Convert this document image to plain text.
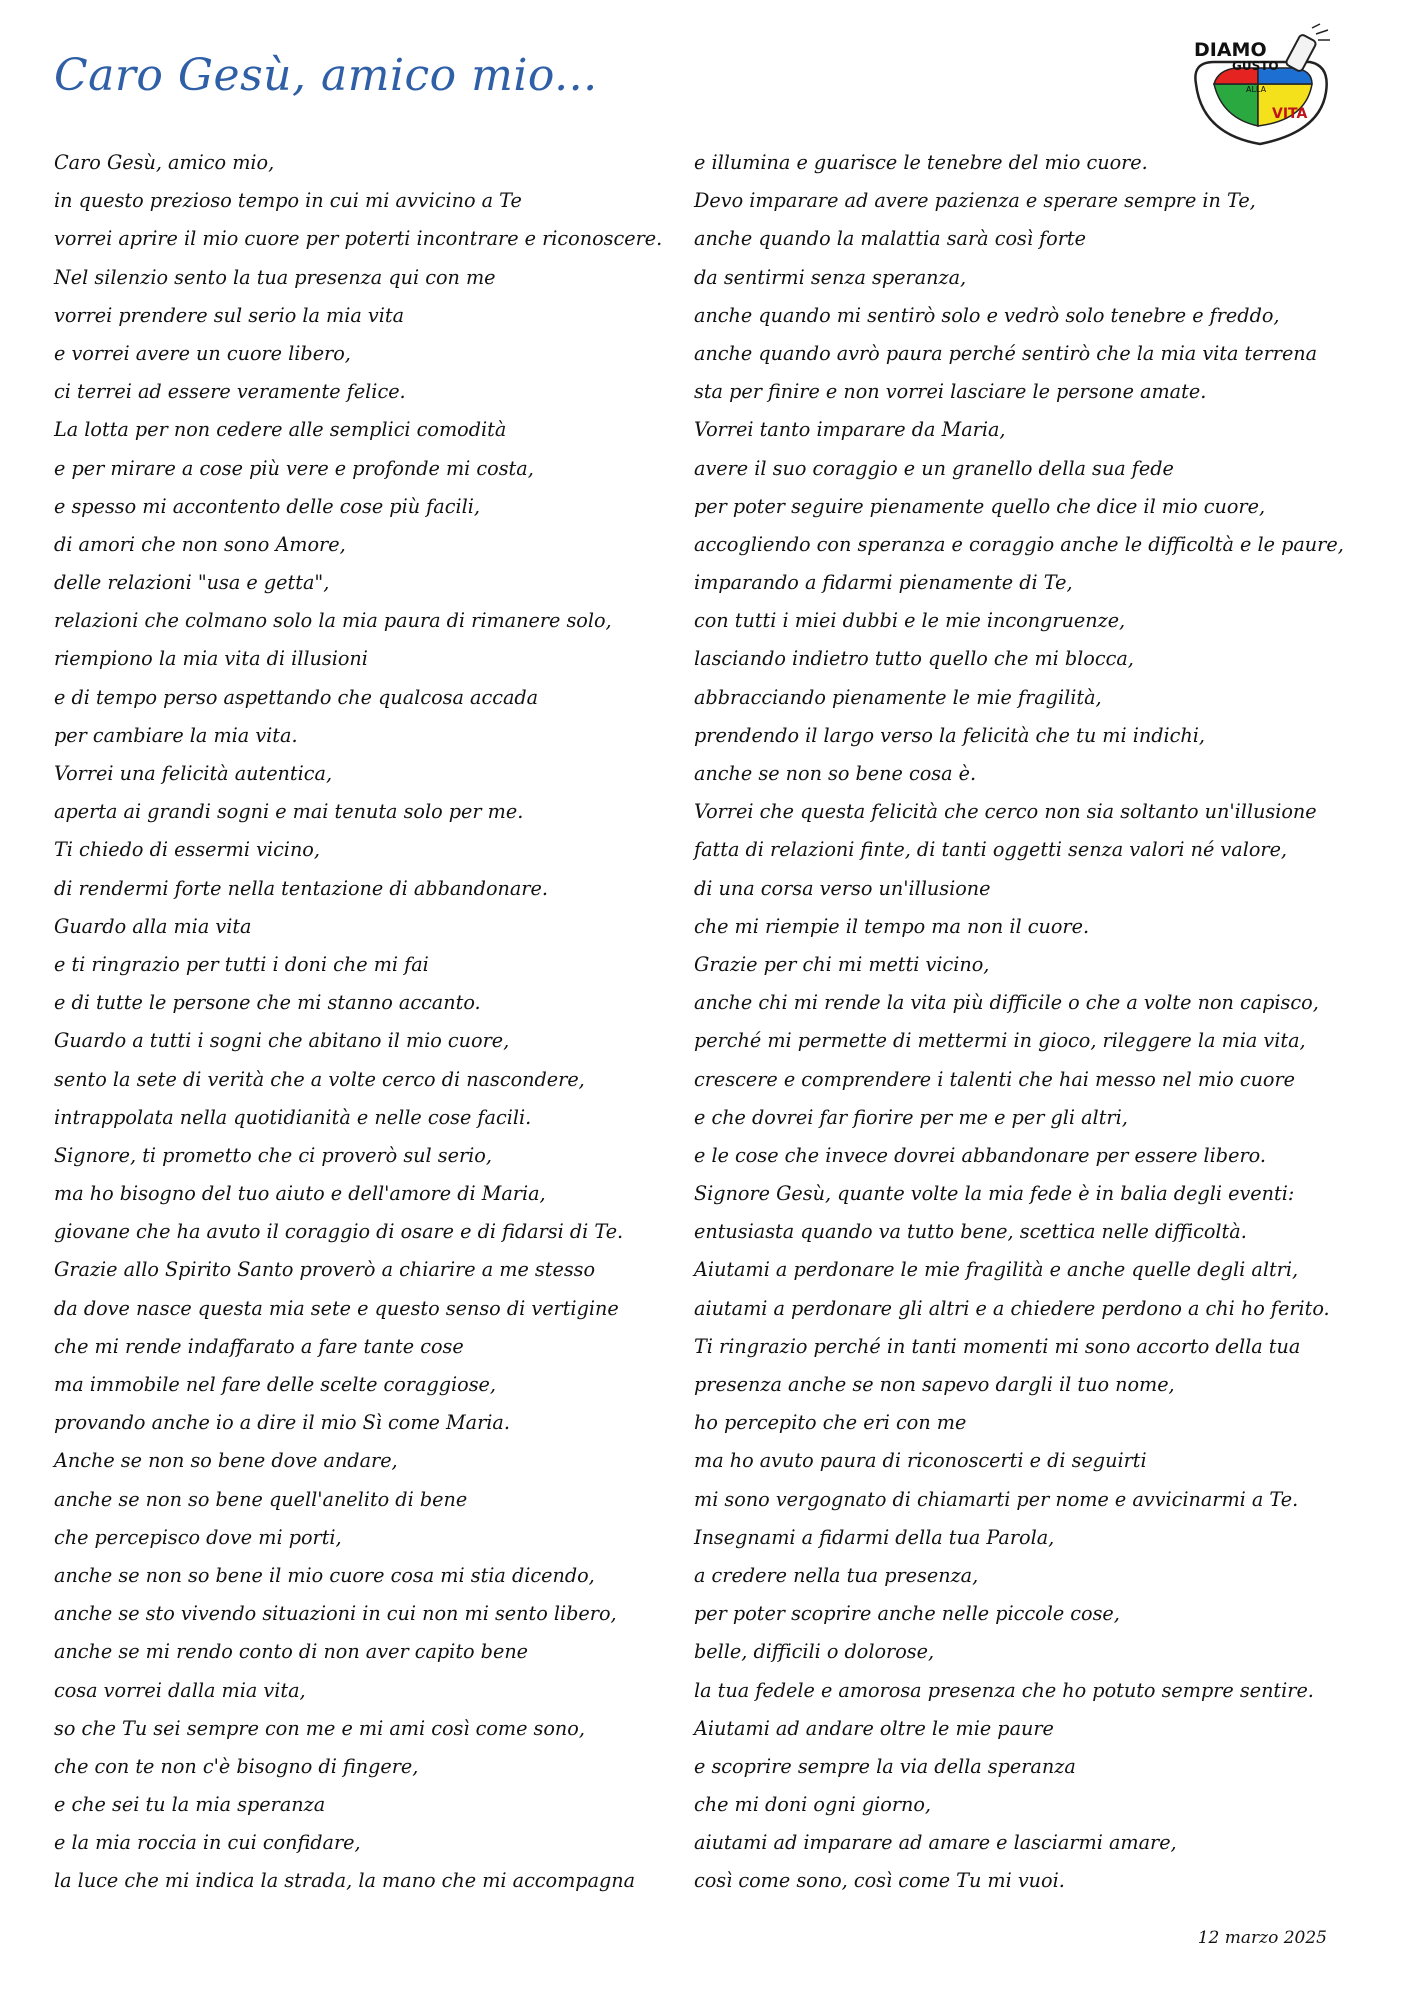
Caro Gesù, amico mio...	DIAMO
GUSTO
ALLA
VITA
Caro Gesù, amico mio,
in questo prezioso tempo in cui mi avvicino a Te
vorrei aprire il mio cuore per poterti incontrare e riconoscere.
Nel silenzio sento la tua presenza qui con me
vorrei prendere sul serio la mia vita
e vorrei avere un cuore libero,
ci terrei ad essere veramente felice.
La lotta per non cedere alle semplici comodità
e per mirare a cose più vere e profonde mi costa,
e spesso mi accontento delle cose più facili,
di amori che non sono Amore,
delle relazioni "usa e getta",
relazioni che colmano solo la mia paura di rimanere solo,
riempiono la mia vita di illusioni
e di tempo perso aspettando che qualcosa accada
per cambiare la mia vita.
Vorrei una felicità autentica,
aperta ai grandi sogni e mai tenuta solo per me.
Ti chiedo di essermi vicino,
di rendermi forte nella tentazione di abbandonare.
Guardo alla mia vita
e ti ringrazio per tutti i doni che mi fai
e di tutte le persone che mi stanno accanto.
Guardo a tutti i sogni che abitano il mio cuore,
sento la sete di verità che a volte cerco di nascondere,
intrappolata nella quotidianità e nelle cose facili.
Signore, ti prometto che ci proverò sul serio,
ma ho bisogno del tuo aiuto e dell'amore di Maria,
giovane che ha avuto il coraggio di osare e di fidarsi di Te.
Grazie allo Spirito Santo proverò a chiarire a me stesso
da dove nasce questa mia sete e questo senso di vertigine
che mi rende indaffarato a fare tante cose
ma immobile nel fare delle scelte coraggiose,
provando anche io a dire il mio Sì come Maria.
Anche se non so bene dove andare,
anche se non so bene quell'anelito di bene
che percepisco dove mi porti,
anche se non so bene il mio cuore cosa mi stia dicendo,
anche se sto vivendo situazioni in cui non mi sento libero,
anche se mi rendo conto di non aver capito bene
cosa vorrei dalla mia vita,
so che Tu sei sempre con me e mi ami così come sono,
che con te non c'è bisogno di fingere,
e che sei tu la mia speranza
e la mia roccia in cui confidare,
la luce che mi indica la strada, la mano che mi accompagna
e illumina e guarisce le tenebre del mio cuore.
Devo imparare ad avere pazienza e sperare sempre in Te,
anche quando la malattia sarà così forte
da sentirmi senza speranza,
anche quando mi sentirò solo e vedrò solo tenebre e freddo,
anche quando avrò paura perché sentirò che la mia vita terrena
sta per finire e non vorrei lasciare le persone amate.
Vorrei tanto imparare da Maria,
avere il suo coraggio e un granello della sua fede
per poter seguire pienamente quello che dice il mio cuore,
accogliendo con speranza e coraggio anche le difficoltà e le paure,
imparando a fidarmi pienamente di Te,
con tutti i miei dubbi e le mie incongruenze,
lasciando indietro tutto quello che mi blocca,
abbracciando pienamente le mie fragilità,
prendendo il largo verso la felicità che tu mi indichi,
anche se non so bene cosa è.
Vorrei che questa felicità che cerco non sia soltanto un'illusione
fatta di relazioni finte, di tanti oggetti senza valori né valore,
di una corsa verso un'illusione
che mi riempie il tempo ma non il cuore.
Grazie per chi mi metti vicino,
anche chi mi rende la vita più difficile o che a volte non capisco,
perché mi permette di mettermi in gioco, rileggere la mia vita,
crescere e comprendere i talenti che hai messo nel mio cuore
e che dovrei far fiorire per me e per gli altri,
e le cose che invece dovrei abbandonare per essere libero.
Signore Gesù, quante volte la mia fede è in balia degli eventi:
entusiasta quando va tutto bene, scettica nelle difficoltà.
Aiutami a perdonare le mie fragilità e anche quelle degli altri,
aiutami a perdonare gli altri e a chiedere perdono a chi ho ferito.
Ti ringrazio perché in tanti momenti mi sono accorto della tua
presenza anche se non sapevo dargli il tuo nome,
ho percepito che eri con me
ma ho avuto paura di riconoscerti e di seguirti
mi sono vergognato di chiamarti per nome e avvicinarmi a Te.
Insegnami a fidarmi della tua Parola,
a credere nella tua presenza,
per poter scoprire anche nelle piccole cose,
belle, difficili o dolorose,
la tua fedele e amorosa presenza che ho potuto sempre sentire.
Aiutami ad andare oltre le mie paure
e scoprire sempre la via della speranza
che mi doni ogni giorno,
aiutami ad imparare ad amare e lasciarmi amare,
così come sono, così come Tu mi vuoi.
12 marzo 2025
